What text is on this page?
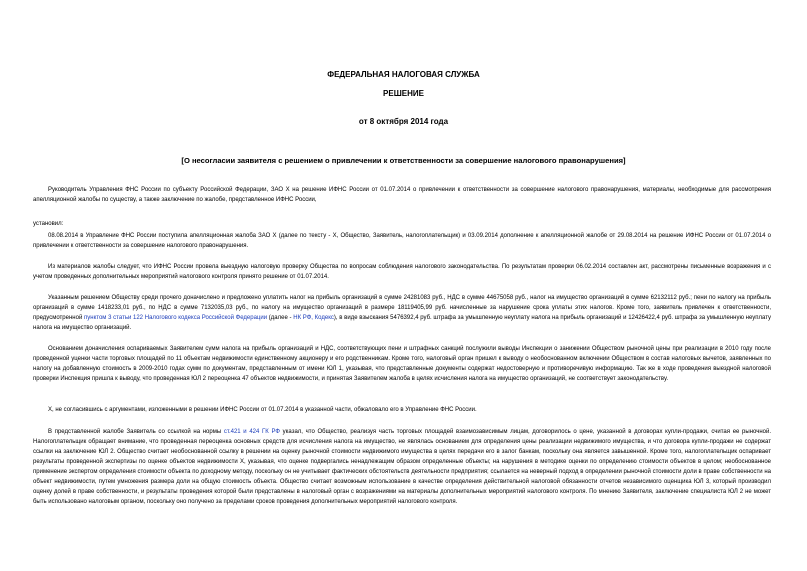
ФЕДЕРАЛЬНАЯ НАЛОГОВАЯ СЛУЖБА
РЕШЕНИЕ
от 8 октября 2014 года
[О несогласии заявителя с решением о привлечении к ответственности за совершение налогового правонарушения]

Руководитель Управления ФНС России по субъекту Российской Федерации, ЗАО X на решение ИФНС России от 01.07.2014 о привлечении к ответственности за совершение налогового правонарушения, материалы, необходимые для рассмотрения апелляционной жалобы по существу, а также заключение по жалобе, представленное ИФНС России,

установил:

08.08.2014 в Управление ФНС России поступила апелляционная жалоба ЗАО X (далее по тексту - X, Общество, Заявитель, налогоплательщик) и 03.09.2014 дополнение к апелляционной жалобе от 29.08.2014 на решение ИФНС России от 01.07.2014 о привлечении к ответственности за совершение налогового правонарушения.

Из материалов жалобы следует, что ИФНС России провела выездную налоговую проверку Общества по вопросам соблюдения налогового законодательства. По результатам проверки 06.02.2014 составлен акт, рассмотрены письменные возражения и с учетом проведенных дополнительных мероприятий налогового контроля принято решение от 01.07.2014.

Указанным решением Обществу среди прочего доначислено и предложено уплатить налог на прибыль организаций в сумме 24281083 руб., НДС в сумме 44675058 руб., налог на имущество организаций в сумме 62132112 руб.; пени по налогу на прибыль организаций в сумме 1418233,01 руб., по НДС в сумме 7132035,03 руб., по налогу на имущество организаций в размере 18119405,99 руб. начисленные за нарушение срока уплаты этих налогов. Кроме того, заявитель привлечен к ответственности, предусмотренной пунктом 3 статьи 122 Налогового кодекса Российской Федерации (далее - НК РФ, Кодекс), в виде взыскания 5476392,4 руб. штрафа за умышленную неуплату налога на прибыль организаций и 12426422,4 руб. штрафа за умышленную неуплату налога на имущество организаций.

Основанием доначисления оспариваемых Заявителем сумм налога на прибыль организаций и НДС, соответствующих пени и штрафных санкций послужили выводы Инспекции о занижении Обществом рыночной цены при реализации в 2010 году после проведенной уценки части торговых площадей по 11 объектам недвижимости единственному акционеру и его родственникам. Кроме того, налоговый орган пришел к выводу о необоснованном включении Обществом в состав налоговых вычетов, заявленных по налогу на добавленную стоимость в 2009-2010 годах сумм по документам, представленным от имени ЮЛ 1, указывая, что представленные документы содержат недостоверную и противоречивую информацию. Так же в ходе проведения выездной налоговой проверки Инспекция пришла к выводу, что проведенная ЮЛ 2 переоценка 47 объектов недвижимости, и принятая Заявителем жалоба в целях исчисления налога на имущество организаций, не соответствует законодательству.

X, не согласившись с аргументами, изложенными в решении ИФНС России от 01.07.2014 в указанной части, обжаловало его в Управление ФНС России.

В представленной жалобе Заявитель со ссылкой на нормы ст.421 и 424 ГК РФ указал, что Общество, реализуя часть торговых площадей взаимозависимым лицам, договорилось о цене, указанной в договорах купли-продажи, считая ее рыночной. Налогоплательщик обращает внимание, что проведенная переоценка основных средств для исчисления налога на имущество, не являлась основанием для определения цены реализации недвижимого имущества, и что договора купли-продажи не содержат ссылки на заключение ЮЛ 2. Общество считает необоснованной ссылку в решении на оценку рыночной стоимости недвижимого имущества в целях передачи его в залог банкам, поскольку она является завышенной. Кроме того, налогоплательщик оспаривает результаты проведенной экспертизы по оценке объектов недвижимости X, указывая, что оценке подвергались ненадлежащим образом определенные объекты; на нарушения в методике оценки по определению стоимости объектов в целом; необоснованное применение экспертом определения стоимости объекта по доходному методу, поскольку он не учитывает фактических обстоятельств деятельности предприятия; ссылается на неверный подход в определении рыночной стоимости доли в праве собственности на объект недвижимости, путем умножения размера доли на общую стоимость объекта. Общество считает возможным использование в качестве определения действительной налоговой обязанности отчетов независимого оценщика ЮЛ 3, который производил оценку долей в праве собственности, и результаты проведения которой были представлены в налоговый орган с возражениями на материалы дополнительных мероприятий налогового контроля. По мнению Заявителя, заключение специалиста ЮЛ 2 не может быть использовано налоговым органом, поскольку оно получено за пределами сроков проведения дополнительных мероприятий налогового контроля.
